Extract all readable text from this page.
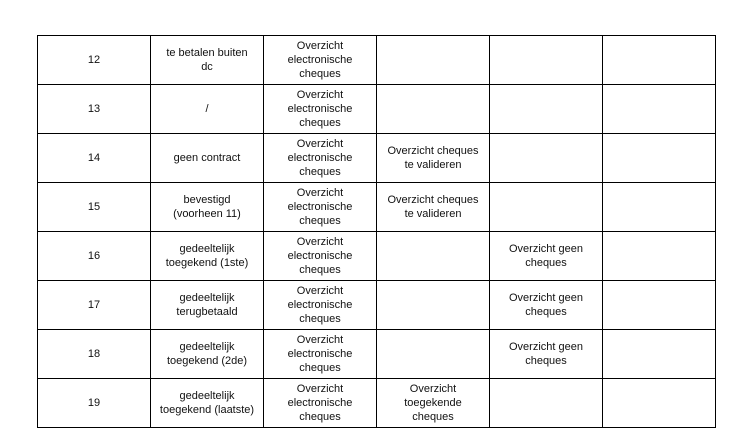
12	te betalen buiten
dc	Overzicht
electronische
cheques			

13	/	Overzicht
electronische
cheques			

14	geen contract	Overzicht
electronische
cheques	Overzicht cheques
te valideren		

15	bevestigd
(voorheen 11)	Overzicht
electronische
cheques	Overzicht cheques
te valideren		

16	gedeeltelijk
toegekend (1ste)	Overzicht
electronische
cheques		Overzicht geen
cheques	

17	gedeeltelijk
terugbetaald	Overzicht
electronische
cheques		Overzicht geen
cheques	

18	gedeeltelijk
toegekend (2de)	Overzicht
electronische
cheques		Overzicht geen
cheques	

19	gedeeltelijk
toegekend (laatste)	Overzicht
electronische
cheques	Overzicht
toegekende
cheques		
